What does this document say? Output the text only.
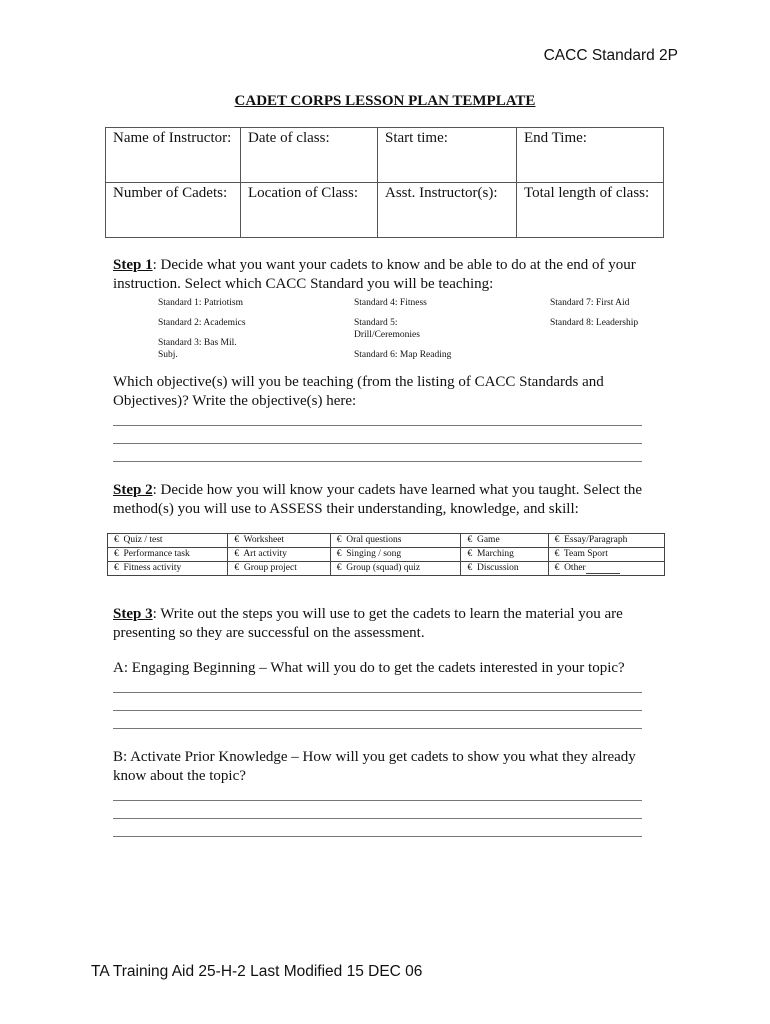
CACC Standard 2P
CADET CORPS LESSON PLAN TEMPLATE
Name of Instructor:	Date of class:	Start time:	End Time:
Number of Cadets:	Location of Class:	Asst. Instructor(s):	Total length of class:
Step 1: Decide what you want your cadets to know and be able to do at the end of your instruction. Select which CACC Standard you will be teaching:
Standard 1: Patriotism	Standard 4: Fitness	Standard 7: First Aid
Standard 2: Academics	Standard 5: Drill/Ceremonies
Standard 8: Leadership
Standard 3: Bas Mil. Subj.	Standard 6: Map Reading
Which objective(s) will you be teaching (from the listing of CACC Standards and Objectives)? Write the objective(s) here:
Step 2: Decide how you will know your cadets have learned what you taught. Select the method(s) you will use to ASSESS their understanding, knowledge, and skill:
€ Quiz / test	€ Worksheet	€ Oral questions	€ Game	€ Essay/Paragraph
€ Performance task	€ Art activity	€ Singing / song	€ Marching	€ Team Sport
€ Fitness activity	€ Group project	€ Group (squad) quiz	€ Discussion	€ Other
Step 3: Write out the steps you will use to get the cadets to learn the material you are presenting so they are successful on the assessment.
A: Engaging Beginning – What will you do to get the cadets interested in your topic?
B: Activate Prior Knowledge – How will you get cadets to show you what they already know about the topic?
TA Training Aid 25-H-2 Last Modified 15 DEC 06
